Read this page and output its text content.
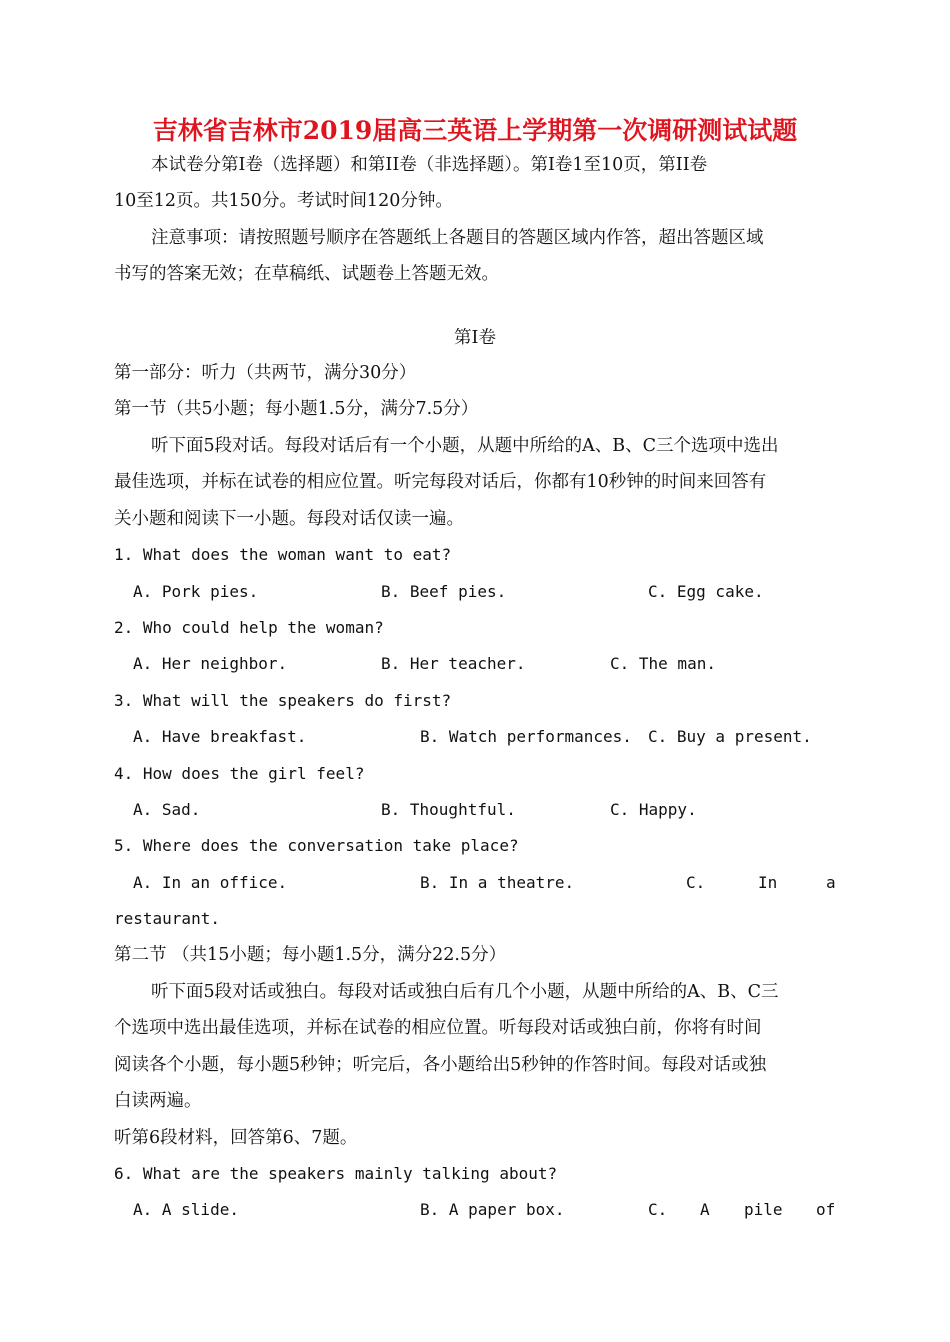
吉林省吉林市2019届高三英语上学期第一次调研测试试题
本试卷分第Ⅰ卷（选择题）和第II卷（非选择题）。第Ⅰ卷1至10页，第II卷
10至12页。共150分。考试时间120分钟。
注意事项：请按照题号顺序在答题纸上各题目的答题区域内作答，超出答题区域
书写的答案无效；在草稿纸、试题卷上答题无效。
第Ⅰ卷
第一部分：听力（共两节，满分30分）
第一节（共5小题；每小题1.5分，满分7.5分）
听下面5段对话。每段对话后有一个小题，从题中所给的A、B、C三个选项中选出
最佳选项，并标在试卷的相应位置。听完每段对话后，你都有10秒钟的时间来回答有
关小题和阅读下一小题。每段对话仅读一遍。
1. What does the woman want to eat?
A. Pork pies.	B. Beef pies.	C. Egg cake.
2. Who could help the woman?
A. Her neighbor.	B. Her teacher.	C. The man.
3. What will the speakers do first?
A. Have breakfast.	B. Watch performances. C. Buy a present.
4. How does the girl feel?
A. Sad.	B. Thoughtful.	C. Happy.
5. Where does the conversation take place?
A. In an office.	B. In a theatre.	C.	In	a
restaurant.
第二节 （共15小题；每小题1.5分，满分22.5分）
听下面5段对话或独白。每段对话或独白后有几个小题，从题中所给的A、B、C三
个选项中选出最佳选项，并标在试卷的相应位置。听每段对话或独白前，你将有时间
阅读各个小题，每小题5秒钟；听完后，各小题给出5秒钟的作答时间。每段对话或独
白读两遍。
听第6段材料，回答第6、7题。
6. What are the speakers mainly talking about?
A. A slide.	B. A paper box.	C. A pile of
